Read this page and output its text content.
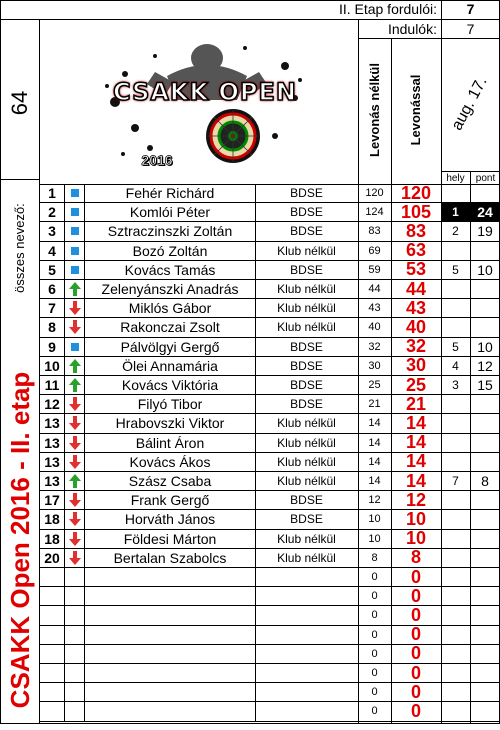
II. Etap fordulói:	7
Indulók:	7
64
összes nevező:
CSAKK Open 2016 - II. etap
CSAKK OPEN
2016
Levonás nélkül Levonással	aug. 17.
hely	pont
1	Fehér Richárd	BDSE	120 120
2	Komlói Péter	BDSE	124 105	1	24
3	Sztraczinszki Zoltán	BDSE	83	83	2	19
4	Bozó Zoltán	Klub nélkül	69	63
5	Kovács Tamás	BDSE	59	53	5	10
6	Zelenyánszki Anadrás	Klub nélkül	44	44
7	Miklós Gábor	Klub nélkül	43	43
8	Rakonczai Zsolt	Klub nélkül	40	40
9	Pálvölgyi Gergő	BDSE	32	32	5	10
10	Ölei Annamária	BDSE	30	30	4	12
11	Kovács Viktória	BDSE	25	25	3	15
12	Filyó Tibor	BDSE	21	21
13	Hrabovszki Viktor	Klub nélkül	14	14
13	Bálint Áron	Klub nélkül	14	14
13	Kovács Ákos	Klub nélkül	14	14
13	Szász Csaba	Klub nélkül	14	14	7	8
17	Frank Gergő	BDSE	12	12
18	Horváth János	BDSE	10	10
18	Földesi Márton	Klub nélkül	10	10
20	Bertalan Szabolcs	Klub nélkül	8	8
0	0
0	0
0	0
0	0
0	0
0	0
0	0
0	0
